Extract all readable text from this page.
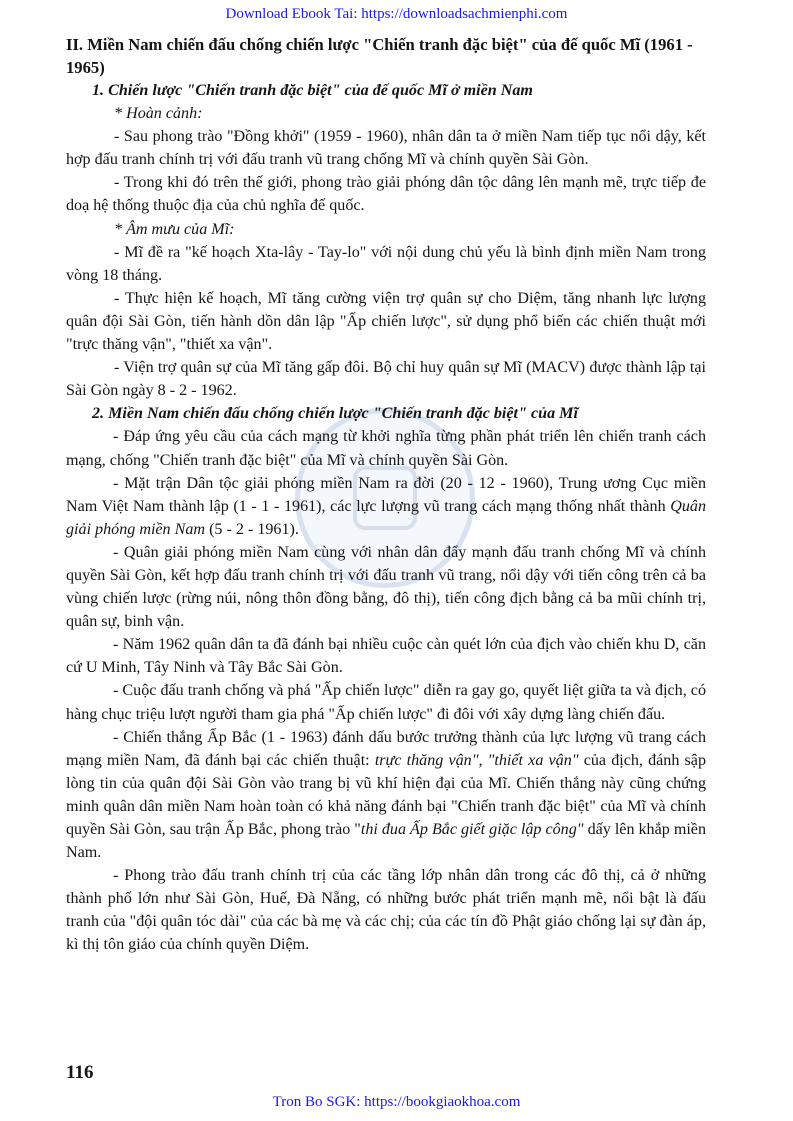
Download Ebook Tai: https://downloadsachmienphi.com

II. Miền Nam chiến đấu chống chiến lược "Chiến tranh đặc biệt" của đế quốc Mĩ (1961 - 1965)

1. Chiến lược "Chiến tranh đặc biệt" của đế quốc Mĩ ở miền Nam

* Hoàn cảnh:

- Sau phong trào "Đồng khởi" (1959 - 1960), nhân dân ta ở miền Nam tiếp tục nổi dậy, kết hợp đấu tranh chính trị với đấu tranh vũ trang chống Mĩ và chính quyền Sài Gòn.

- Trong khi đó trên thế giới, phong trào giải phóng dân tộc dâng lên mạnh mẽ, trực tiếp đe doạ hệ thống thuộc địa của chủ nghĩa đế quốc.

* Âm mưu của Mĩ:

- Mĩ đề ra "kế hoạch Xta-lây - Tay-lo" với nội dung chủ yếu là bình định miền Nam trong vòng 18 tháng.

- Thực hiện kế hoạch, Mĩ tăng cường viện trợ quân sự cho Diệm, tăng nhanh lực lượng quân đội Sài Gòn, tiến hành dồn dân lập "Ấp chiến lược", sử dụng phổ biến các chiến thuật mới "trực thăng vận", "thiết xa vận".

- Viện trợ quân sự của Mĩ tăng gấp đôi. Bộ chỉ huy quân sự Mĩ (MACV) được thành lập tại Sài Gòn ngày 8 - 2 - 1962.

2. Miền Nam chiến đấu chống chiến lược "Chiến tranh đặc biệt" của Mĩ

- Đáp ứng yêu cầu của cách mạng từ khởi nghĩa từng phần phát triển lên chiến tranh cách mạng, chống "Chiến tranh đặc biệt" của Mĩ và chính quyền Sài Gòn.

- Mặt trận Dân tộc giải phóng miền Nam ra đời (20 - 12 - 1960), Trung ương Cục miền Nam Việt Nam thành lập (1 - 1 - 1961), các lực lượng vũ trang cách mạng thống nhất thành Quân giải phóng miền Nam (5 - 2 - 1961).

- Quân giải phóng miền Nam cùng với nhân dân đẩy mạnh đấu tranh chống Mĩ và chính quyền Sài Gòn, kết hợp đấu tranh chính trị với đấu tranh vũ trang, nổi dậy với tiến công trên cả ba vùng chiến lược (rừng núi, nông thôn đồng bằng, đô thị), tiến công địch bằng cả ba mũi chính trị, quân sự, binh vận.

- Năm 1962 quân dân ta đã đánh bại nhiều cuộc càn quét lớn của địch vào chiến khu D, căn cứ U Minh, Tây Ninh và Tây Bắc Sài Gòn.

- Cuộc đấu tranh chống và phá "Ấp chiến lược" diễn ra gay go, quyết liệt giữa ta và địch, có hàng chục triệu lượt người tham gia phá "Ấp chiến lược" đi đôi với xây dựng làng chiến đấu.

- Chiến thắng Ấp Bắc (1 - 1963) đánh dấu bước trưởng thành của lực lượng vũ trang cách mạng miền Nam, đã đánh bại các chiến thuật: trực thăng vận", "thiết xa vận" của địch, đánh sập lòng tin của quân đội Sài Gòn vào trang bị vũ khí hiện đại của Mĩ. Chiến thắng này cũng chứng minh quân dân miền Nam hoàn toàn có khả năng đánh bại "Chiến tranh đặc biệt" của Mĩ và chính quyền Sài Gòn, sau trận Ấp Bắc, phong trào "thi đua Ấp Bắc giết giặc lập công" dấy lên khắp miền Nam.

- Phong trào đấu tranh chính trị của các tầng lớp nhân dân trong các đô thị, cả ở những thành phố lớn như Sài Gòn, Huế, Đà Nẵng, có những bước phát triển mạnh mẽ, nổi bật là đấu tranh của "đội quân tóc dài" của các bà mẹ và các chị; của các tín đồ Phật giáo chống lại sự đàn áp, kì thị tôn giáo của chính quyền Diệm.

116
Tron Bo SGK: https://bookgiaokhoa.com
